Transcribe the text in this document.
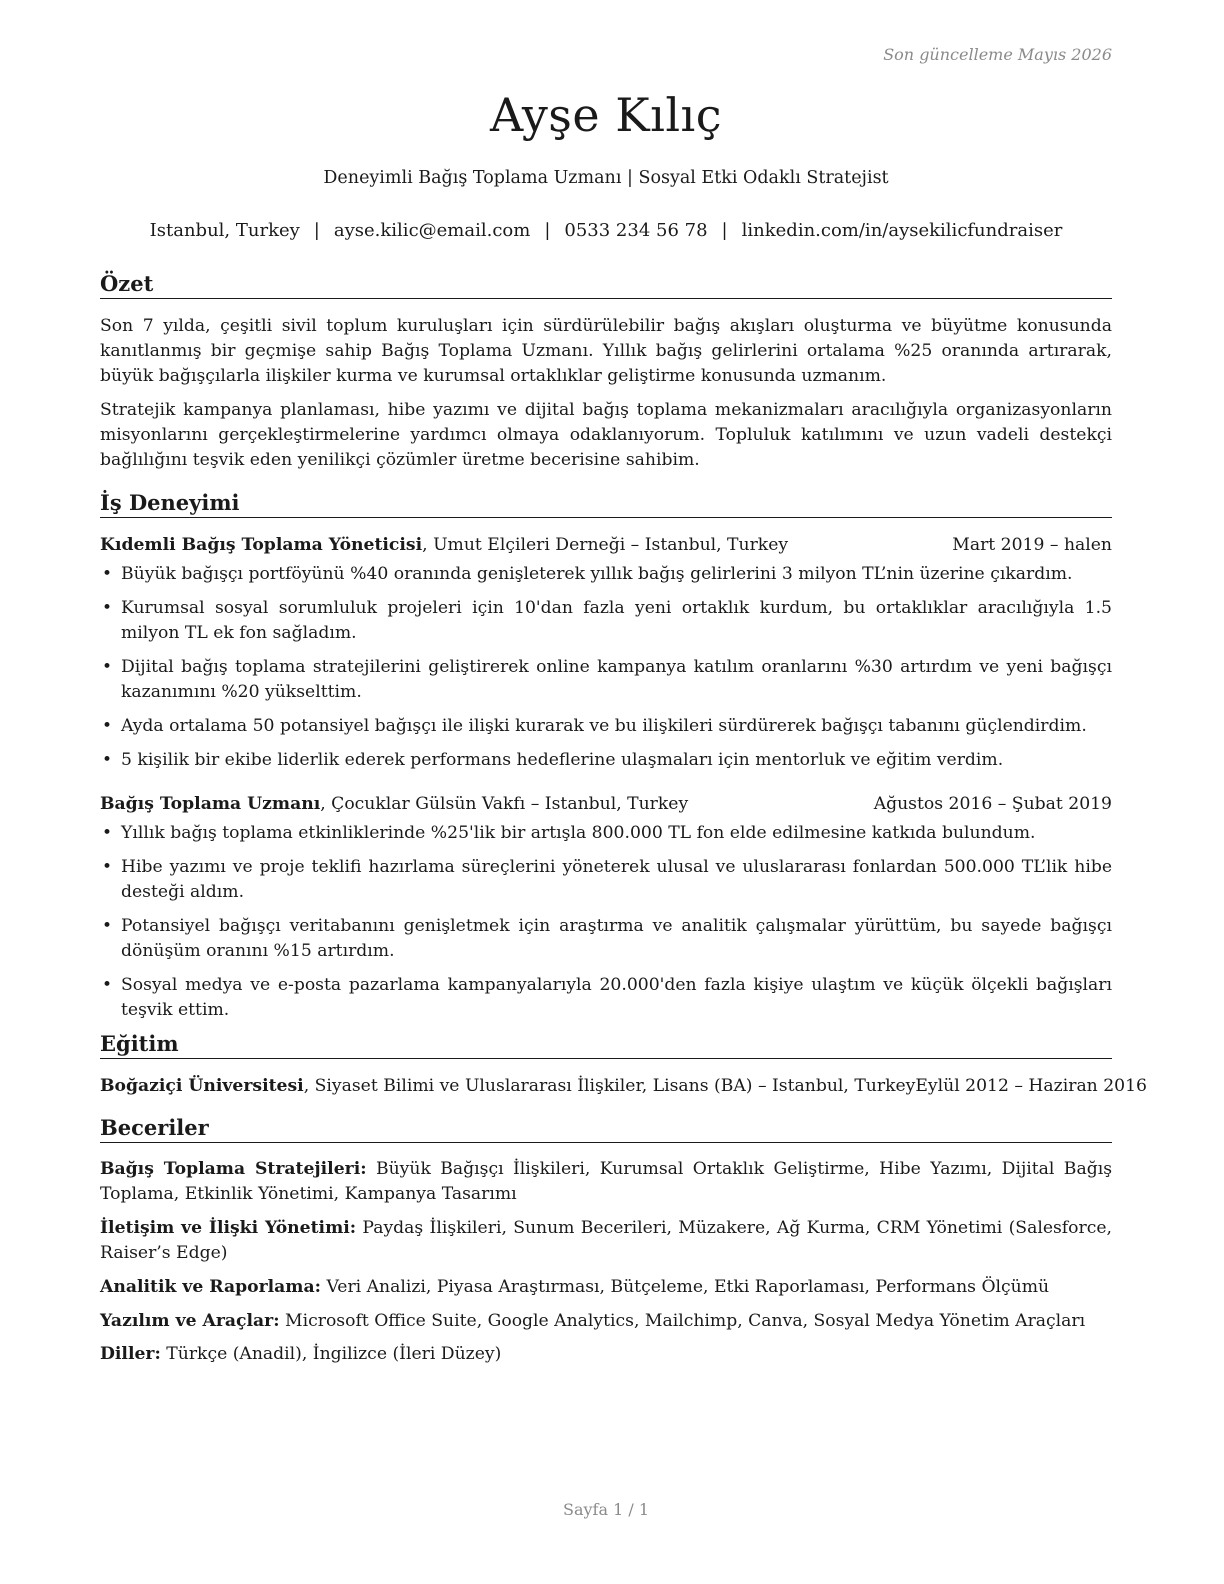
Son güncelleme Mayıs 2026
Ayşe Kılıç
Deneyimli Bağış Toplama Uzmanı | Sosyal Etki Odaklı Stratejist
Istanbul, Turkey | ayse.kilic@email.com | 0533 234 56 78 | linkedin.com/in/aysekilicfundraiser
Özet

Son 7 yılda, çeşitli sivil toplum kuruluşları için sürdürülebilir bağış akışları oluşturma ve büyütme konusunda kanıtlanmış bir geçmişe sahip Bağış Toplama Uzmanı. Yıllık bağış gelirlerini ortalama %25 oranında artırarak, büyük bağışçılarla ilişkiler kurma ve kurumsal ortaklıklar geliştirme konusunda uzmanım.

Stratejik kampanya planlaması, hibe yazımı ve dijital bağış toplama mekanizmaları aracılığıyla organizasyonların misyonlarını gerçekleştirmelerine yardımcı olmaya odaklanıyorum. Topluluk katılımını ve uzun vadeli destekçi bağlılığını teşvik eden yenilikçi çözümler üretme becerisine sahibim.

İş Deneyimi
Kıdemli Bağış Toplama Yöneticisi, Umut Elçileri Derneği – Istanbul, Turkey	Mart 2019 – halen
• Büyük bağışçı portföyünü %40 oranında genişleterek yıllık bağış gelirlerini 3 milyon TL’nin üzerine çıkardım.
• Kurumsal sosyal sorumluluk projeleri için 10'dan fazla yeni ortaklık kurdum, bu ortaklıklar aracılığıyla 1.5 milyon TL ek fon sağladım.
• Dijital bağış toplama stratejilerini geliştirerek online kampanya katılım oranlarını %30 artırdım ve yeni bağışçı kazanımını %20 yükselttim.
• Ayda ortalama 50 potansiyel bağışçı ile ilişki kurarak ve bu ilişkileri sürdürerek bağışçı tabanını güçlendirdim.
• 5 kişilik bir ekibe liderlik ederek performans hedeflerine ulaşmaları için mentorluk ve eğitim verdim.
Bağış Toplama Uzmanı, Çocuklar Gülsün Vakfı – Istanbul, Turkey	Ağustos 2016 – Şubat 2019
• Yıllık bağış toplama etkinliklerinde %25'lik bir artışla 800.000 TL fon elde edilmesine katkıda bulundum.
• Hibe yazımı ve proje teklifi hazırlama süreçlerini yöneterek ulusal ve uluslararası fonlardan 500.000 TL’lik hibe desteği aldım.
• Potansiyel bağışçı veritabanını genişletmek için araştırma ve analitik çalışmalar yürüttüm, bu sayede bağışçı dönüşüm oranını %15 artırdım.
• Sosyal medya ve e-posta pazarlama kampanyalarıyla 20.000'den fazla kişiye ulaştım ve küçük ölçekli bağışları teşvik ettim.
Eğitim
Boğaziçi Üniversitesi, Siyaset Bilimi ve Uluslararası İlişkiler, Lisans (BA) – Istanbul, Turkey Eylül 2012 – Haziran 2016
Beceriler

Bağış Toplama Stratejileri: Büyük Bağışçı İlişkileri, Kurumsal Ortaklık Geliştirme, Hibe Yazımı, Dijital Bağış Toplama, Etkinlik Yönetimi, Kampanya Tasarımı

İletişim ve İlişki Yönetimi: Paydaş İlişkileri, Sunum Becerileri, Müzakere, Ağ Kurma, CRM Yönetimi (Salesforce, Raiser’s Edge)

Analitik ve Raporlama: Veri Analizi, Piyasa Araştırması, Bütçeleme, Etki Raporlaması, Performans Ölçümü

Yazılım ve Araçlar: Microsoft Office Suite, Google Analytics, Mailchimp, Canva, Sosyal Medya Yönetim Araçları

Diller: Türkçe (Anadil), İngilizce (İleri Düzey)

Sayfa 1 / 1
